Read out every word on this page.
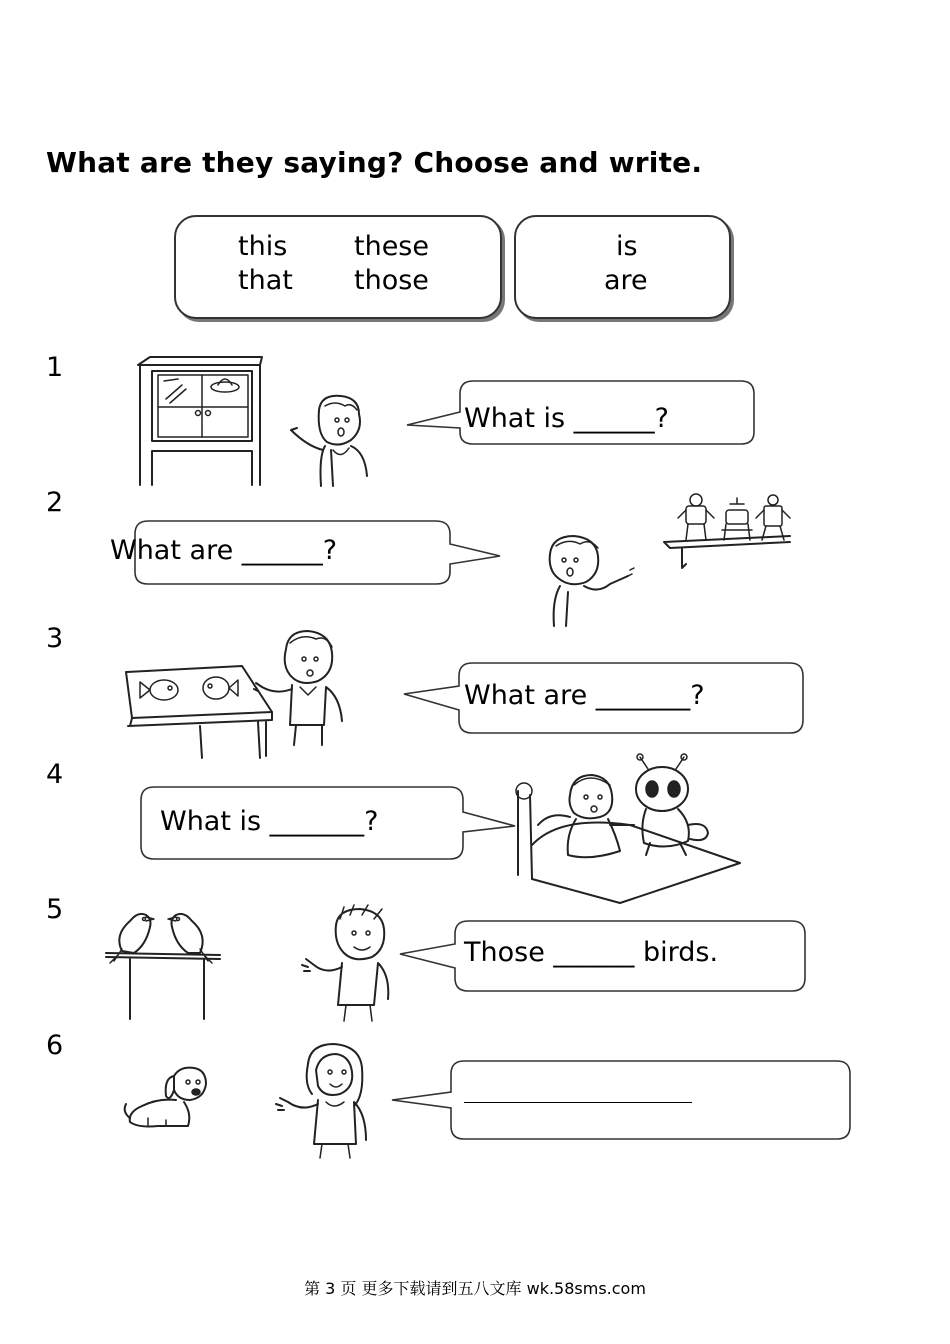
What are they saying? Choose and write.
this these
that those
is
are
1
2
3
4
5
6
What is ______?
What are ______?
What are _______?
What is _______?
Those ______ birds.
第 3 页 更多下载请到五八文库 wk.58sms.com
